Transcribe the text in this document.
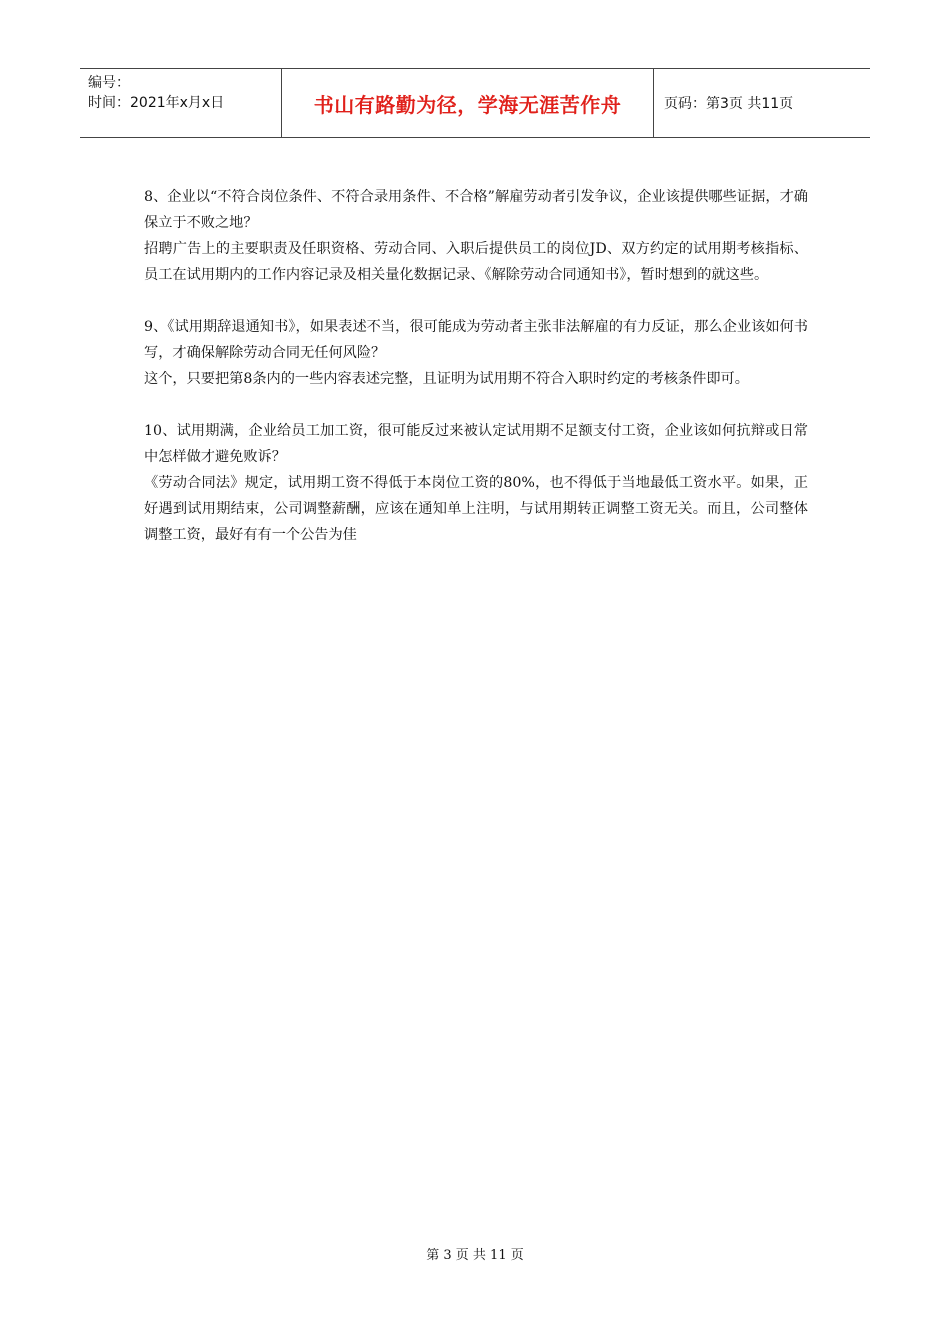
编号：
时间：2021年x月x日	书山有路勤为径，学海无涯苦作舟	页码：第3页 共11页

8、企业以“不符合岗位条件、不符合录用条件、不合格”解雇劳动者引发争议，企业该提供哪些证据，才确保立于不败之地？

招聘广告上的主要职责及任职资格、劳动合同、入职后提供员工的岗位JD、双方约定的试用期考核指标、员工在试用期内的工作内容记录及相关量化数据记录、《解除劳动合同通知书》，暂时想到的就这些。

9、《试用期辞退通知书》，如果表述不当，很可能成为劳动者主张非法解雇的有力反证，那么企业该如何书写，才确保解除劳动合同无任何风险？

这个，只要把第8条内的一些内容表述完整，且证明为试用期不符合入职时约定的考核条件即可。

10、试用期满，企业给员工加工资，很可能反过来被认定试用期不足额支付工资，企业该如何抗辩或日常中怎样做才避免败诉？

《劳动合同法》规定，试用期工资不得低于本岗位工资的80%，也不得低于当地最低工资水平。如果，正好遇到试用期结束，公司调整薪酬，应该在通知单上注明，与试用期转正调整工资无关。而且，公司整体调整工资，最好有有一个公告为佳

第 3 页 共 11 页
